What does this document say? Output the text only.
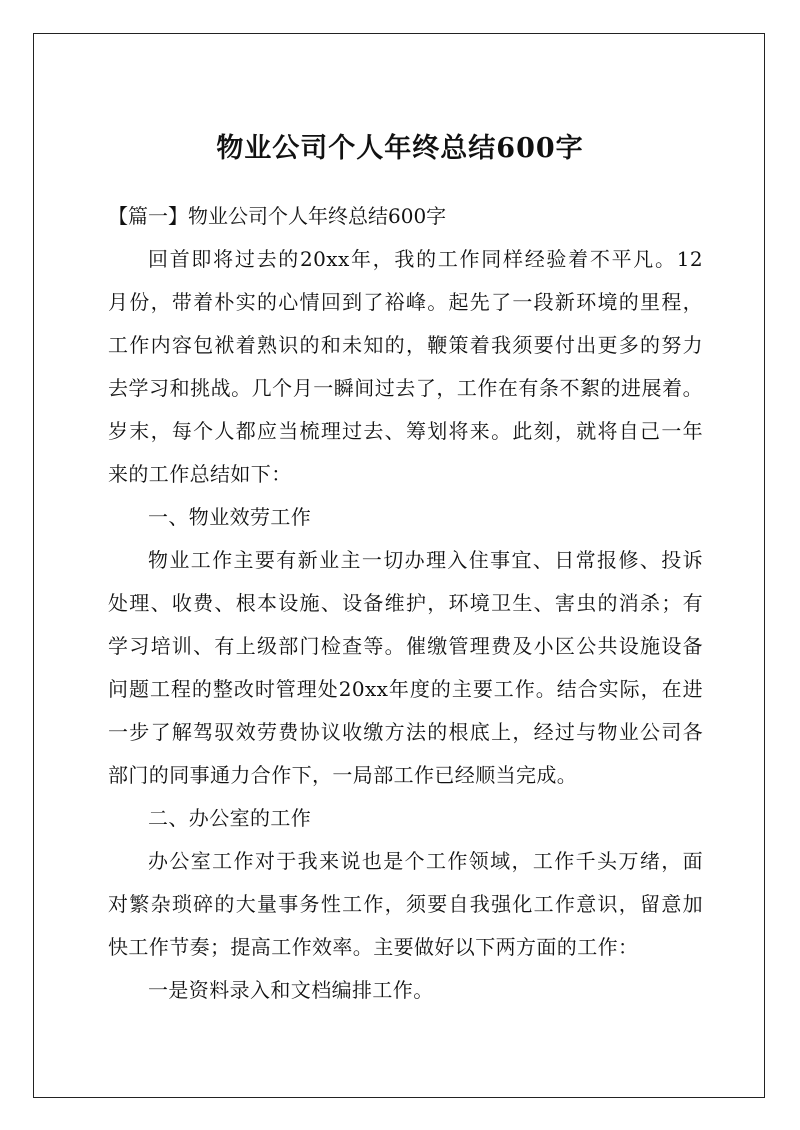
物业公司个人年终总结600字
【篇一】物业公司个人年终总结600字
回首即将过去的20xx年，我的工作同样经验着不平凡。12
月份，带着朴实的心情回到了裕峰。起先了一段新环境的里程，
工作内容包袱着熟识的和未知的，鞭策着我须要付出更多的努力
去学习和挑战。几个月一瞬间过去了，工作在有条不絮的进展着。
岁末，每个人都应当梳理过去、筹划将来。此刻，就将自己一年
来的工作总结如下：
一、物业效劳工作
物业工作主要有新业主一切办理入住事宜、日常报修、投诉
处理、收费、根本设施、设备维护，环境卫生、害虫的消杀；有
学习培训、有上级部门检查等。催缴管理费及小区公共设施设备
问题工程的整改时管理处20xx年度的主要工作。结合实际，在进
一步了解驾驭效劳费协议收缴方法的根底上，经过与物业公司各
部门的同事通力合作下，一局部工作已经顺当完成。
二、办公室的工作
办公室工作对于我来说也是个工作领域，工作千头万绪，面
对繁杂琐碎的大量事务性工作，须要自我强化工作意识，留意加
快工作节奏；提高工作效率。主要做好以下两方面的工作：
一是资料录入和文档编排工作。
